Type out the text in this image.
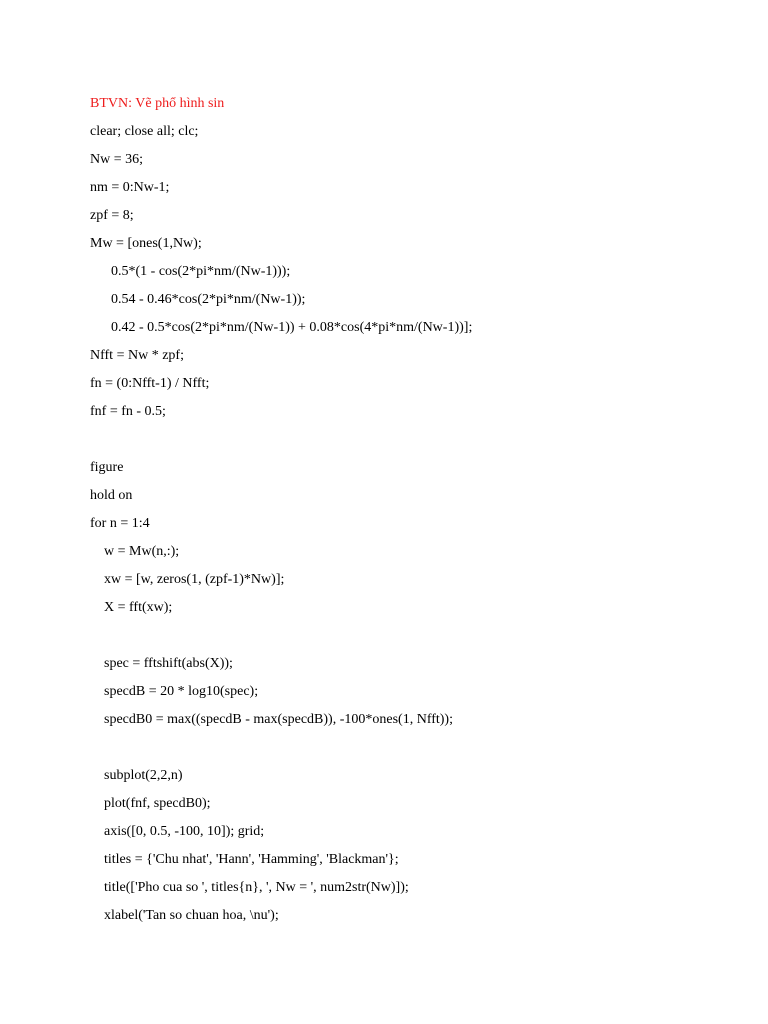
BTVN: Vẽ phổ hình sin
clear; close all; clc;
Nw = 36;
nm = 0:Nw-1;
zpf = 8;
Mw = [ones(1,Nw);
0.5*(1 - cos(2*pi*nm/(Nw-1)));
0.54 - 0.46*cos(2*pi*nm/(Nw-1));
0.42 - 0.5*cos(2*pi*nm/(Nw-1)) + 0.08*cos(4*pi*nm/(Nw-1))];
Nfft = Nw * zpf;
fn = (0:Nfft-1) / Nfft;
fnf = fn - 0.5;
figure
hold on
for n = 1:4
w = Mw(n,:);
xw = [w, zeros(1, (zpf-1)*Nw)];
X = fft(xw);
spec = fftshift(abs(X));
specdB = 20 * log10(spec);
specdB0 = max((specdB - max(specdB)), -100*ones(1, Nfft));
subplot(2,2,n)
plot(fnf, specdB0);
axis([0, 0.5, -100, 10]); grid;
titles = {'Chu nhat', 'Hann', 'Hamming', 'Blackman'};
title(['Pho cua so ', titles{n}, ', Nw = ', num2str(Nw)]);
xlabel('Tan so chuan hoa, \nu');
